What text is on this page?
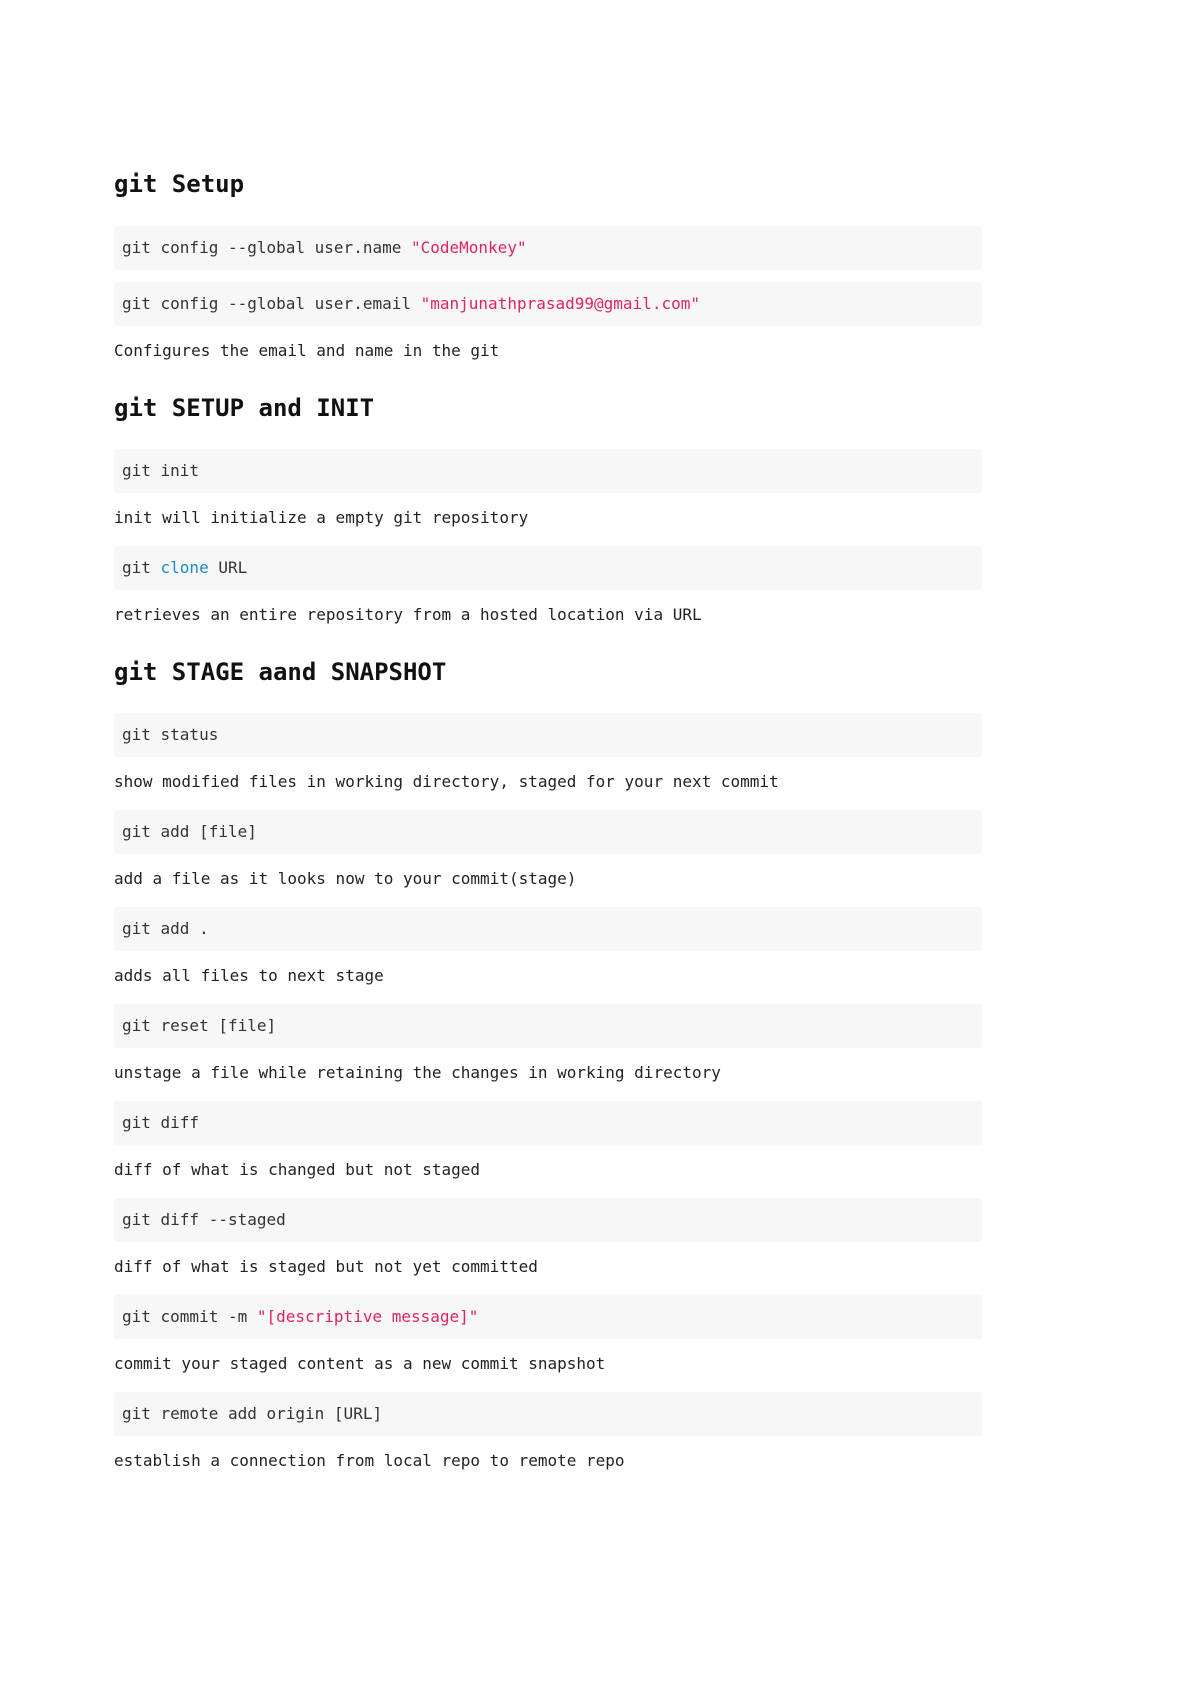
git Setup
git config --global user.name "CodeMonkey"
git config --global user.email "manjunathprasad99@gmail.com"

Configures the email and name in the git

git SETUP and INIT
git init

init will initialize a empty git repository

git clone URL

retrieves an entire repository from a hosted location via URL

git STAGE aand SNAPSHOT
git status

show modified files in working directory, staged for your next commit

git add [file]

add a file as it looks now to your commit(stage)

git add .

adds all files to next stage

git reset [file]

unstage a file while retaining the changes in working directory

git diff

diff of what is changed but not staged

git diff --staged

diff of what is staged but not yet committed

git commit -m "[descriptive message]"

commit your staged content as a new commit snapshot

git remote add origin [URL]

establish a connection from local repo to remote repo
